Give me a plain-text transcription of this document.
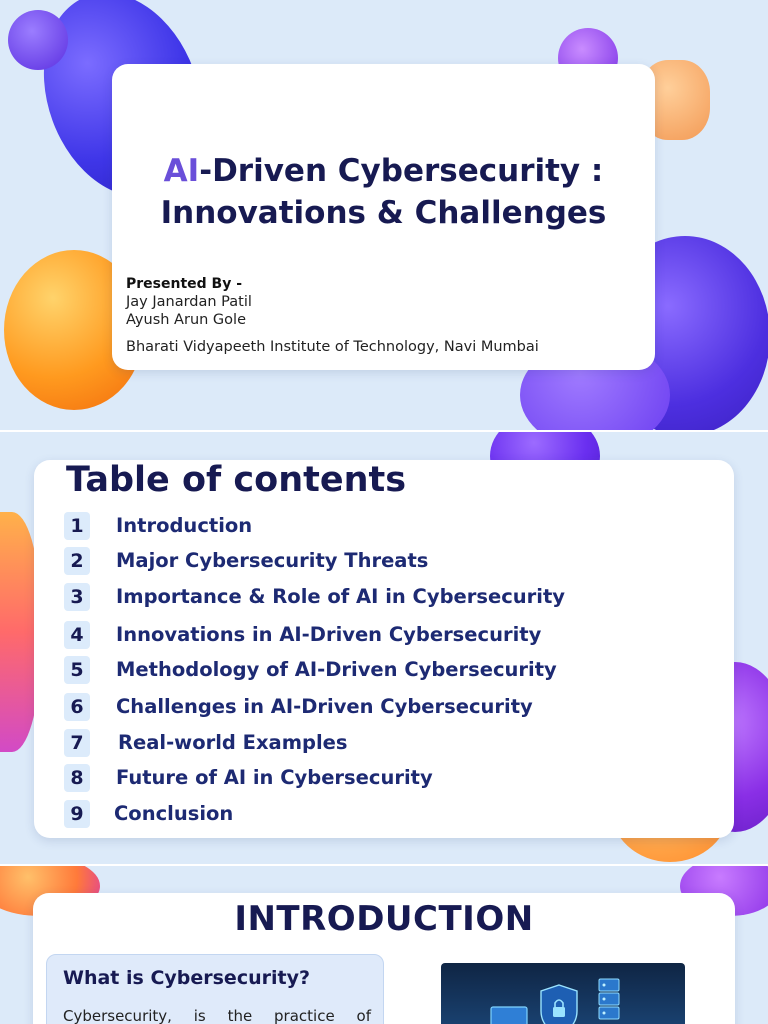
AI-Driven Cybersecurity :
Innovations & Challenges
Presented By -
Jay Janardan Patil
Ayush Arun Gole
Bharati Vidyapeeth Institute of Technology, Navi Mumbai
Table of contents
1	Introduction
2	Major Cybersecurity Threats
3	Importance & Role of AI in Cybersecurity
4	Innovations in AI-Driven Cybersecurity
5	Methodology of AI-Driven Cybersecurity
6	Challenges in AI-Driven Cybersecurity
7	Real-world Examples
8	Future of AI in Cybersecurity
9	Conclusion
INTRODUCTION
What is Cybersecurity?
Cybersecurity, is the practice of
